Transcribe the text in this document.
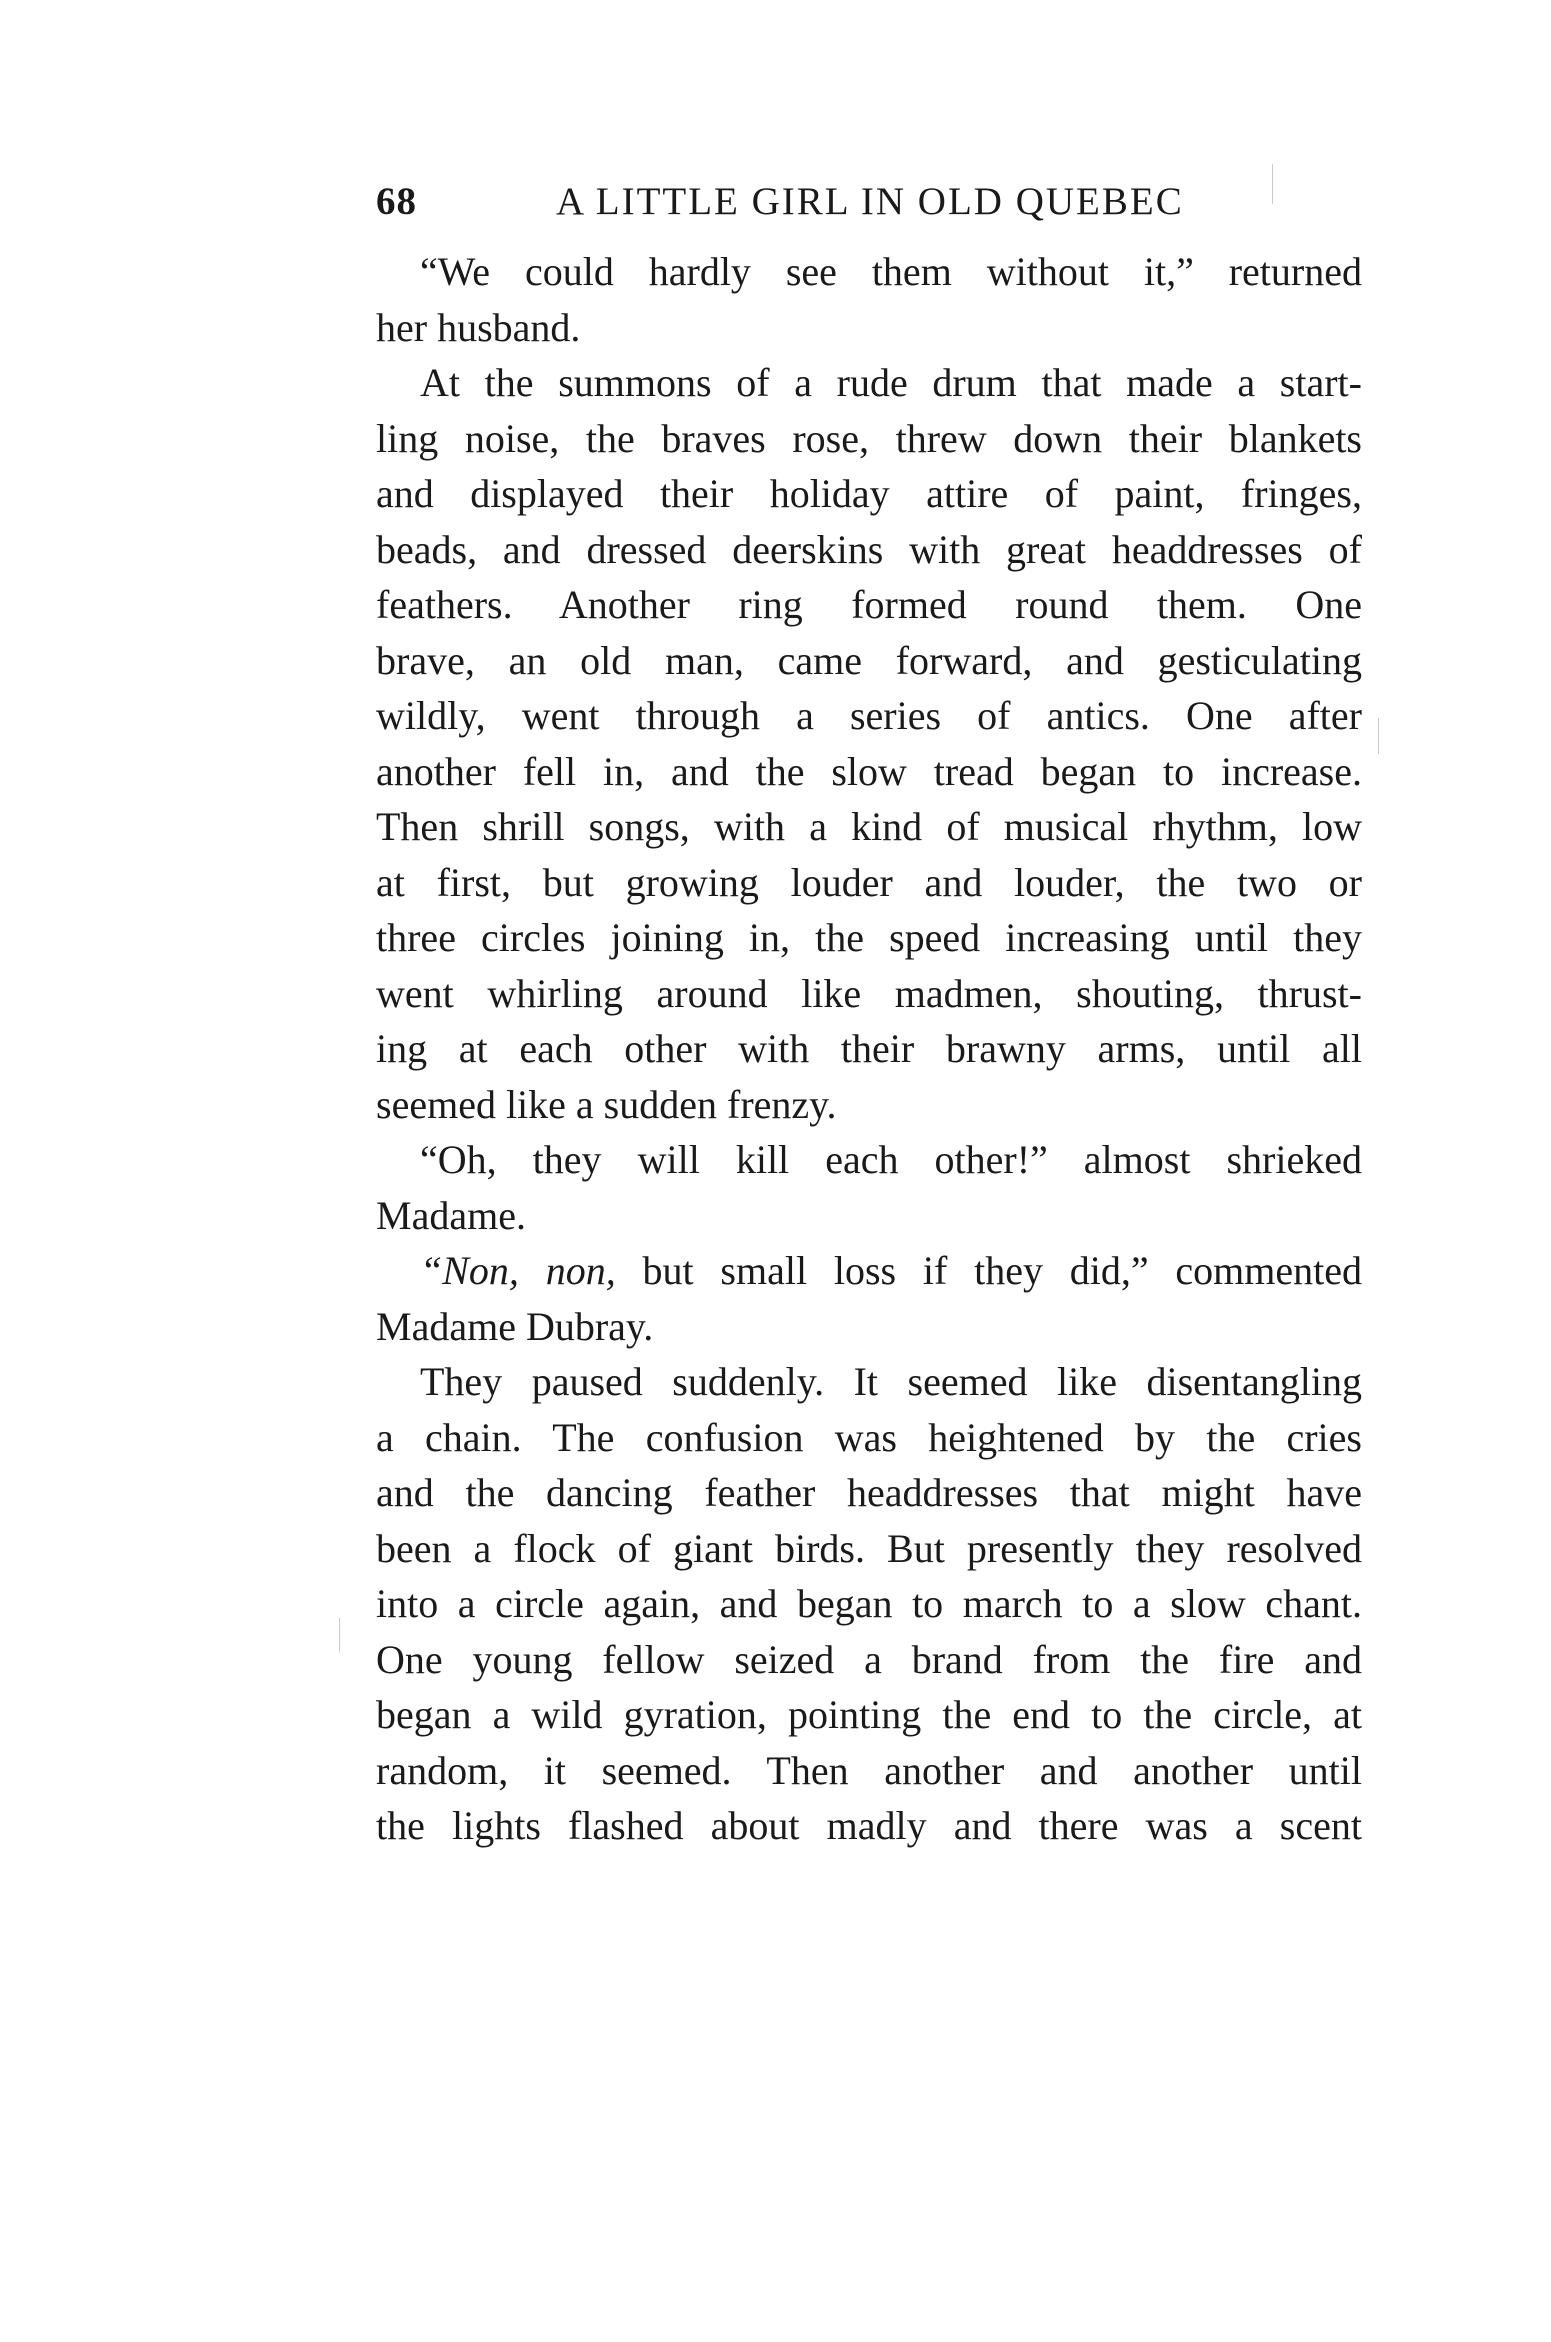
68	A LITTLE GIRL IN OLD QUEBEC
“We could hardly see them without it,” returned
her husband.
At the summons of a rude drum that made a start-
ling noise, the braves rose, threw down their blankets
and displayed their holiday attire of paint, fringes,
beads, and dressed deerskins with great headdresses of
feathers. Another ring formed round them. One
brave, an old man, came forward, and gesticulating
wildly, went through a series of antics. One after
another fell in, and the slow tread began to increase.
Then shrill songs, with a kind of musical rhythm, low
at first, but growing louder and louder, the two or
three circles joining in, the speed increasing until they
went whirling around like madmen, shouting, thrust-
ing at each other with their brawny arms, until all
seemed like a sudden frenzy.
“Oh, they will kill each other!” almost shrieked
Madame.
“Non, non, but small loss if they did,” commented
Madame Dubray.
They paused suddenly. It seemed like disentangling
a chain. The confusion was heightened by the cries
and the dancing feather headdresses that might have
been a flock of giant birds. But presently they resolved
into a circle again, and began to march to a slow chant.
One young fellow seized a brand from the fire and
began a wild gyration, pointing the end to the circle, at
random, it seemed. Then another and another until
the lights flashed about madly and there was a scent
